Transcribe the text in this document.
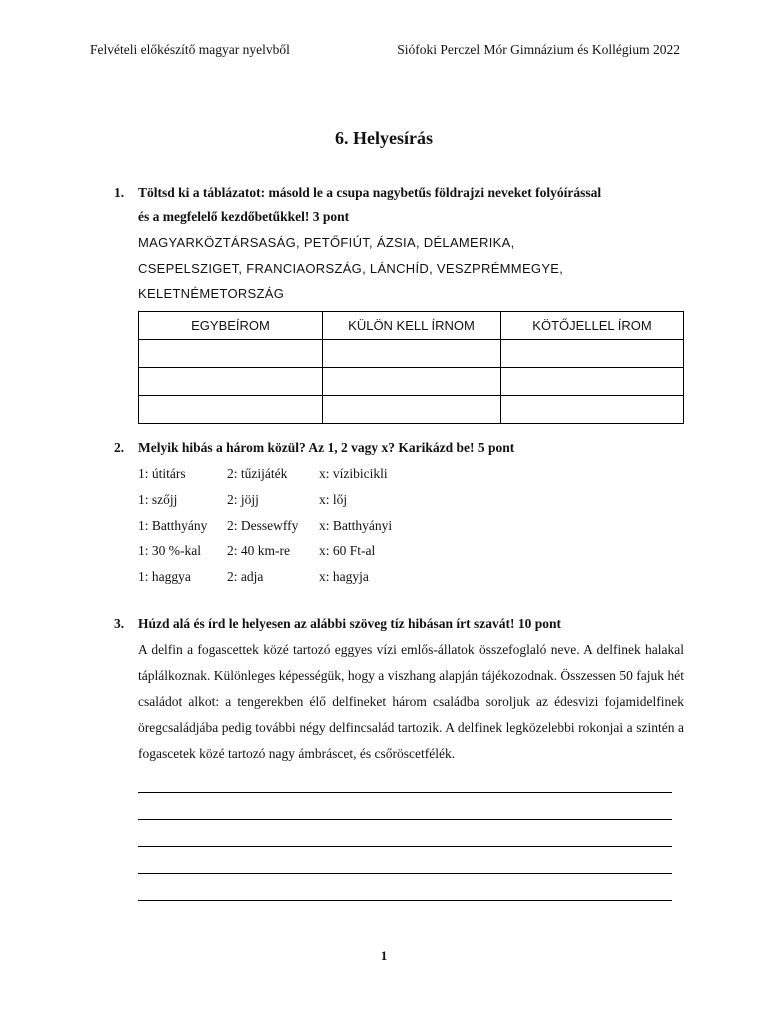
Felvételi előkészítő magyar nyelvből	Siófoki Perczel Mór Gimnázium és Kollégium 2022
6. Helyesírás
1. Töltsd ki a táblázatot: másold le a csupa nagybetűs földrajzi neveket folyóírással
és a megfelelő kezdőbetűkkel! 3 pont
MAGYARKÖZTÁRSASÁG, PETŐFIÚT, ÁZSIA, DÉLAMERIKA,
CSEPELSZIGET, FRANCIAORSZÁG, LÁNCHÍD, VESZPRÉMMEGYE,
KELETNÉMETORSZÁG
EGYBEÍROM	KÜLÖN KELL ÍRNOM	KÖTŐJELLEL ÍROM

2. Melyik hibás a három közül? Az 1, 2 vagy x? Karikázd be! 5 pont
1: útitárs	2: tűzijáték	x: vízibicikli
1: szőjj	2: jöjj	x: lőj
1: Batthyány	2: Dessewffy	x: Batthyányi
1: 30 %-kal	2: 40 km-re	x: 60 Ft-al
1: haggya	2: adja	x: hagyja
3. Húzd alá és írd le helyesen az alábbi szöveg tíz hibásan írt szavát! 10 pont
A delfin a fogascettek közé tartozó eggyes vízi emlős-állatok összefoglaló neve. A delfinek halakal táplálkoznak. Különleges képességük, hogy a viszhang alapján tájékozodnak. Összessen 50 fajuk hét családot alkot: a tengerekben élő delfineket három családba soroljuk az édesvizi fojamidelfinek öregcsaládjába pedig további négy delfincsalád tartozik. A delfinek legközelebbi rokonjai a szintén a fogascetek közé tartozó nagy ámbráscet, és csőröscetfélék.
1
